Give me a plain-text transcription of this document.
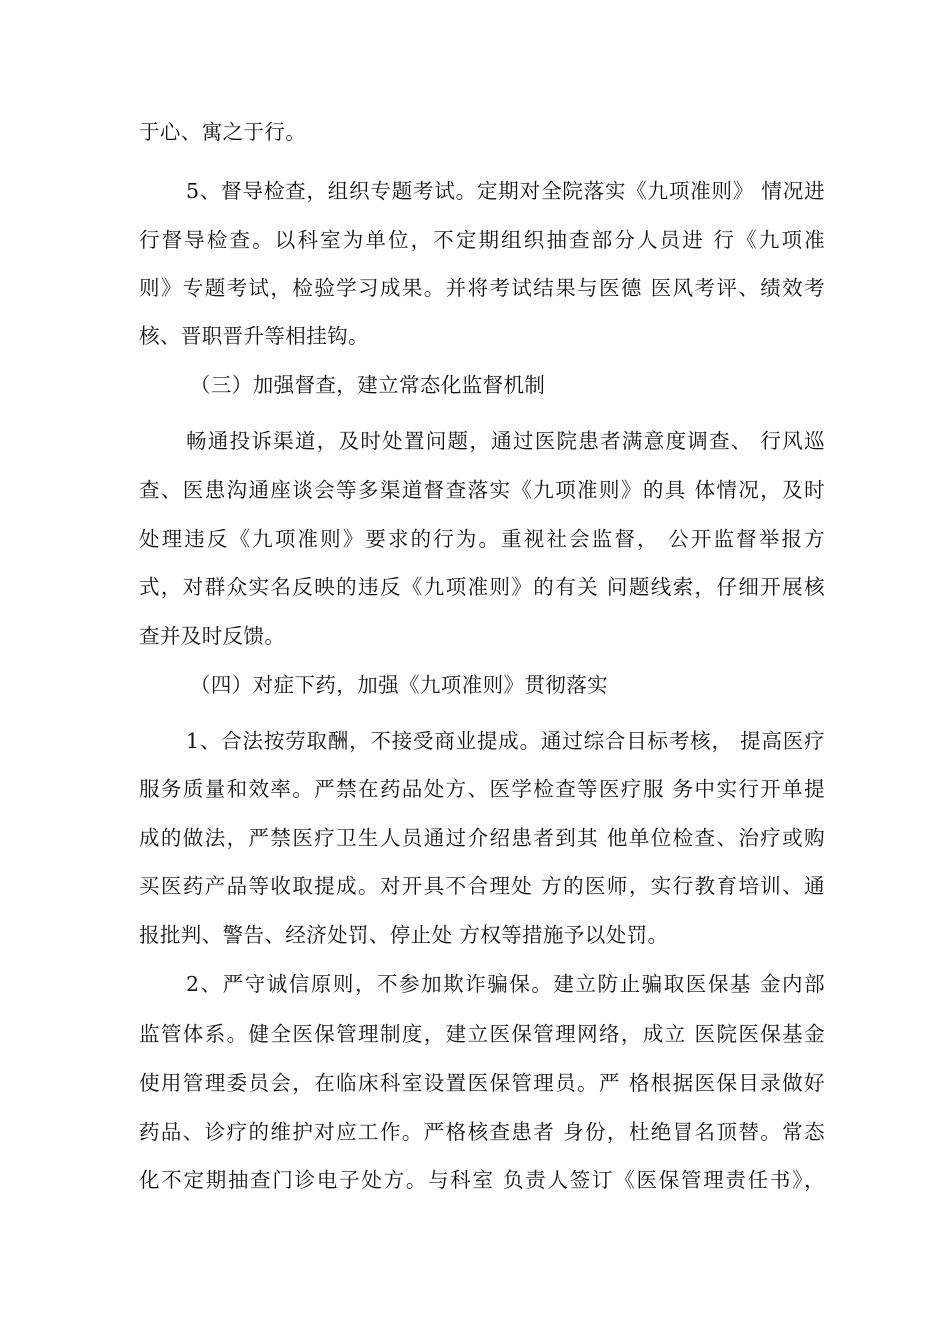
于心、寓之于行。
5、督导检查，组织专题考试。定期对全院落实《九项准则》 情况进
行督导检查。以科室为单位，不定期组织抽查部分人员进 行《九项准
则》专题考试，检验学习成果。并将考试结果与医德 医风考评、绩效考
核、晋职晋升等相挂钩。
（三）加强督查，建立常态化监督机制
畅通投诉渠道，及时处置问题，通过医院患者满意度调查、 行风巡
查、医患沟通座谈会等多渠道督查落实《九项准则》的具 体情况，及时
处理违反《九项准则》要求的行为。重视社会监督， 公开监督举报方
式，对群众实名反映的违反《九项准则》的有关 问题线索，仔细开展核
查并及时反馈。
（四）对症下药，加强《九项准则》贯彻落实
1、合法按劳取酬，不接受商业提成。通过综合目标考核， 提高医疗
服务质量和效率。严禁在药品处方、医学检查等医疗服 务中实行开单提
成的做法，严禁医疗卫生人员通过介绍患者到其 他单位检查、治疗或购
买医药产品等收取提成。对开具不合理处 方的医师，实行教育培训、通
报批判、警告、经济处罚、停止处 方权等措施予以处罚。
2、严守诚信原则，不参加欺诈骗保。建立防止骗取医保基 金内部
监管体系。健全医保管理制度，建立医保管理网络，成立 医院医保基金
使用管理委员会，在临床科室设置医保管理员。严 格根据医保目录做好
药品、诊疗的维护对应工作。严格核查患者 身份，杜绝冒名顶替。常态
化不定期抽查门诊电子处方。与科室 负责人签订《医保管理责任书》，
